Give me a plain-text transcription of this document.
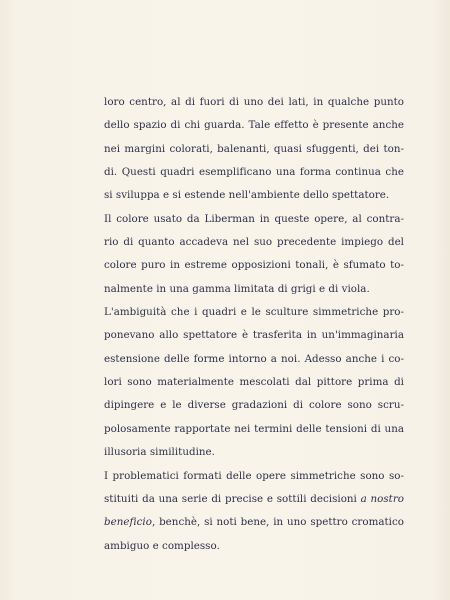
loro centro, al di fuori di uno dei lati, in qualche punto
dello spazio di chi guarda. Tale effetto è presente anche
nei margini colorati, balenanti, quasi sfuggenti, dei ton-
di. Questi quadri esemplificano una forma continua che
si sviluppa e si estende nell'ambiente dello spettatore.
Il colore usato da Liberman in queste opere, al contra-
rio di quanto accadeva nel suo precedente impiego del
colore puro in estreme opposizioni tonali, è sfumato to-
nalmente in una gamma limitata di grigi e di viola.
L'ambiguità che i quadri e le sculture simmetriche pro-
ponevano allo spettatore è trasferita in un'immaginaria
estensione delle forme intorno a noi. Adesso anche i co-
lori sono materialmente mescolati dal pittore prima di
dipingere e le diverse gradazioni di colore sono scru-
polosamente rapportate nei termini delle tensioni di una
illusoria similitudine.
I problematici formati delle opere simmetriche sono so-
stituiti da una serie di precise e sottili decisioni a nostro
beneficio, benchè, si noti bene, in uno spettro cromatico
ambiguo e complesso.
